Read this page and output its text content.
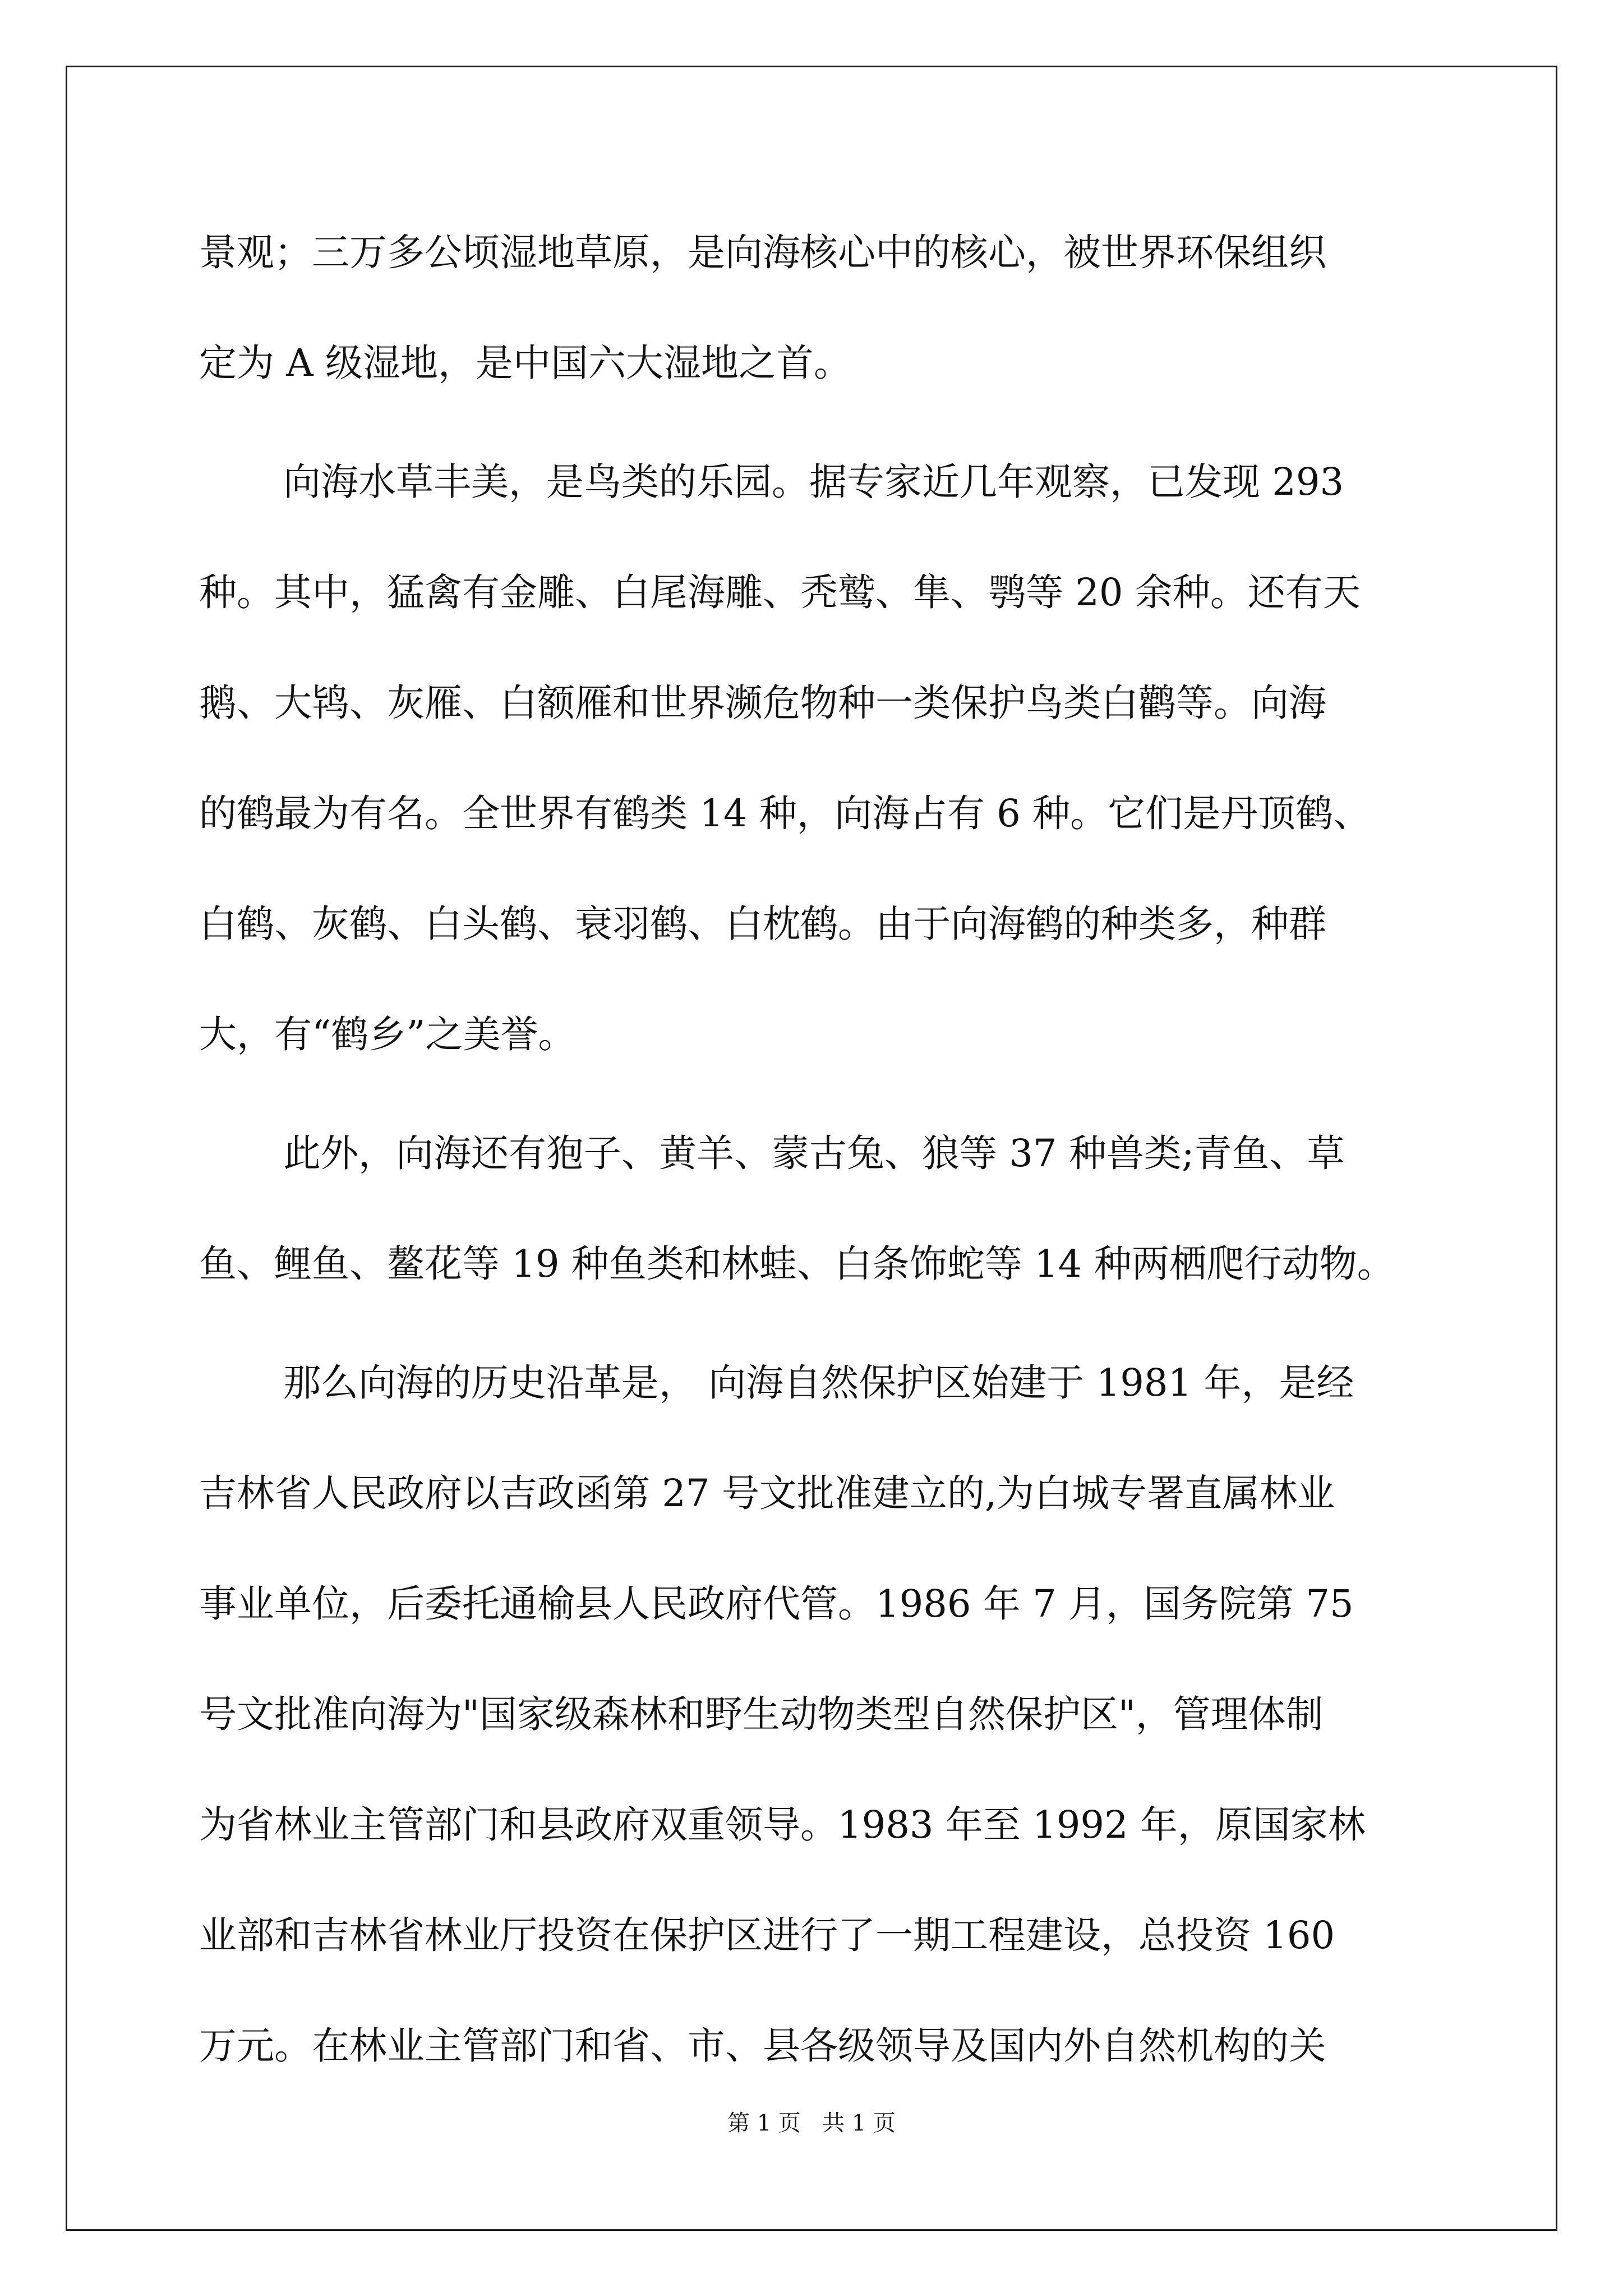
景观；三万多公顷湿地草原，是向海核心中的核心，被世界环保组织
定为 A 级湿地，是中国六大湿地之首。
向海水草丰美，是鸟类的乐园。据专家近几年观察，已发现 293
种。其中，猛禽有金雕、白尾海雕、秃鹫、隼、鹗等 20 余种。还有天
鹅、大鸨、灰雁、白额雁和世界濒危物种一类保护鸟类白鹳等。向海
的鹤最为有名。全世界有鹤类 14 种，向海占有 6 种。它们是丹顶鹤、
白鹤、灰鹤、白头鹤、衰羽鹤、白枕鹤。由于向海鹤的种类多，种群
大，有“鹤乡”之美誉。
此外，向海还有狍子、黄羊、蒙古兔、狼等 37 种兽类;青鱼、草
鱼、鲤鱼、鳌花等 19 种鱼类和林蛙、白条饰蛇等 14 种两栖爬行动物。
那么向海的历史沿革是， 向海自然保护区始建于 1981 年，是经
吉林省人民政府以吉政函第 27 号文批准建立的,为白城专署直属林业
事业单位，后委托通榆县人民政府代管。1986 年 7 月，国务院第 75
号文批准向海为"国家级森林和野生动物类型自然保护区"，管理体制
为省林业主管部门和县政府双重领导。1983 年至 1992 年，原国家林
业部和吉林省林业厅投资在保护区进行了一期工程建设，总投资 160
万元。在林业主管部门和省、市、县各级领导及国内外自然机构的关
第 1 页   共 1 页
